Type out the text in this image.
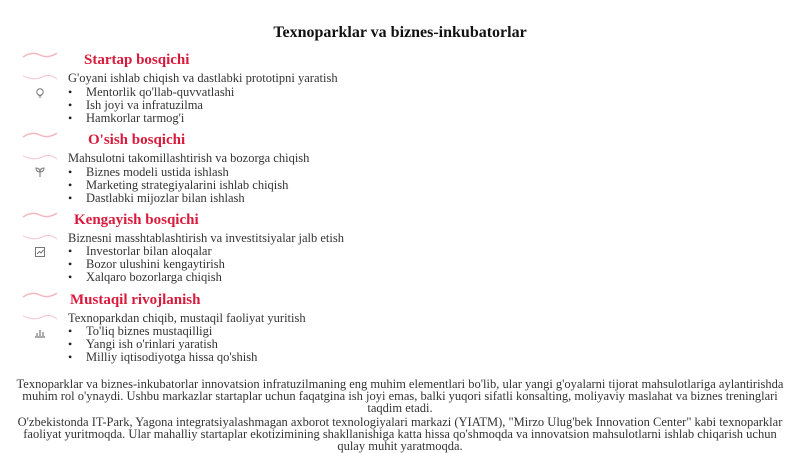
Texnoparklar va biznes-inkubatorlar
Startap bosqichi
G'oyani ishlab chiqish va dastlabki prototipni yaratish
• Mentorlik qo'llab-quvvatlashi
• Ish joyi va infratuzilma
• Hamkorlar tarmog'i
O'sish bosqichi
Mahsulotni takomillashtirish va bozorga chiqish
• Biznes modeli ustida ishlash
• Marketing strategiyalarini ishlab chiqish
• Dastlabki mijozlar bilan ishlash
Kengayish bosqichi
Biznesni masshtablashtirish va investitsiyalar jalb etish
• Investorlar bilan aloqalar
• Bozor ulushini kengaytirish
• Xalqaro bozorlarga chiqish
Mustaqil rivojlanish
Texnoparkdan chiqib, mustaqil faoliyat yuritish
• To'liq biznes mustaqilligi
• Yangi ish o'rinlari yaratish
• Milliy iqtisodiyotga hissa qo'shish
Texnoparklar va biznes-inkubatorlar innovatsion infratuzilmaning eng muhim elementlari bo'lib, ular yangi g'oyalarni tijorat mahsulotlariga aylantirishda muhim rol o'ynaydi. Ushbu markazlar startaplar uchun faqatgina ish joyi emas, balki yuqori sifatli konsalting, moliyaviy maslahat va biznes treninglari taqdim etadi.
O'zbekistonda IT-Park, Yagona integratsiyalashmagan axborot texnologiyalari markazi (YIATM), "Mirzo Ulug'bek Innovation Center" kabi texnoparklar faoliyat yuritmoqda. Ular mahalliy startaplar ekotizimining shakllanishiga katta hissa qo'shmoqda va innovatsion mahsulotlarni ishlab chiqarish uchun qulay muhit yaratmoqda.
